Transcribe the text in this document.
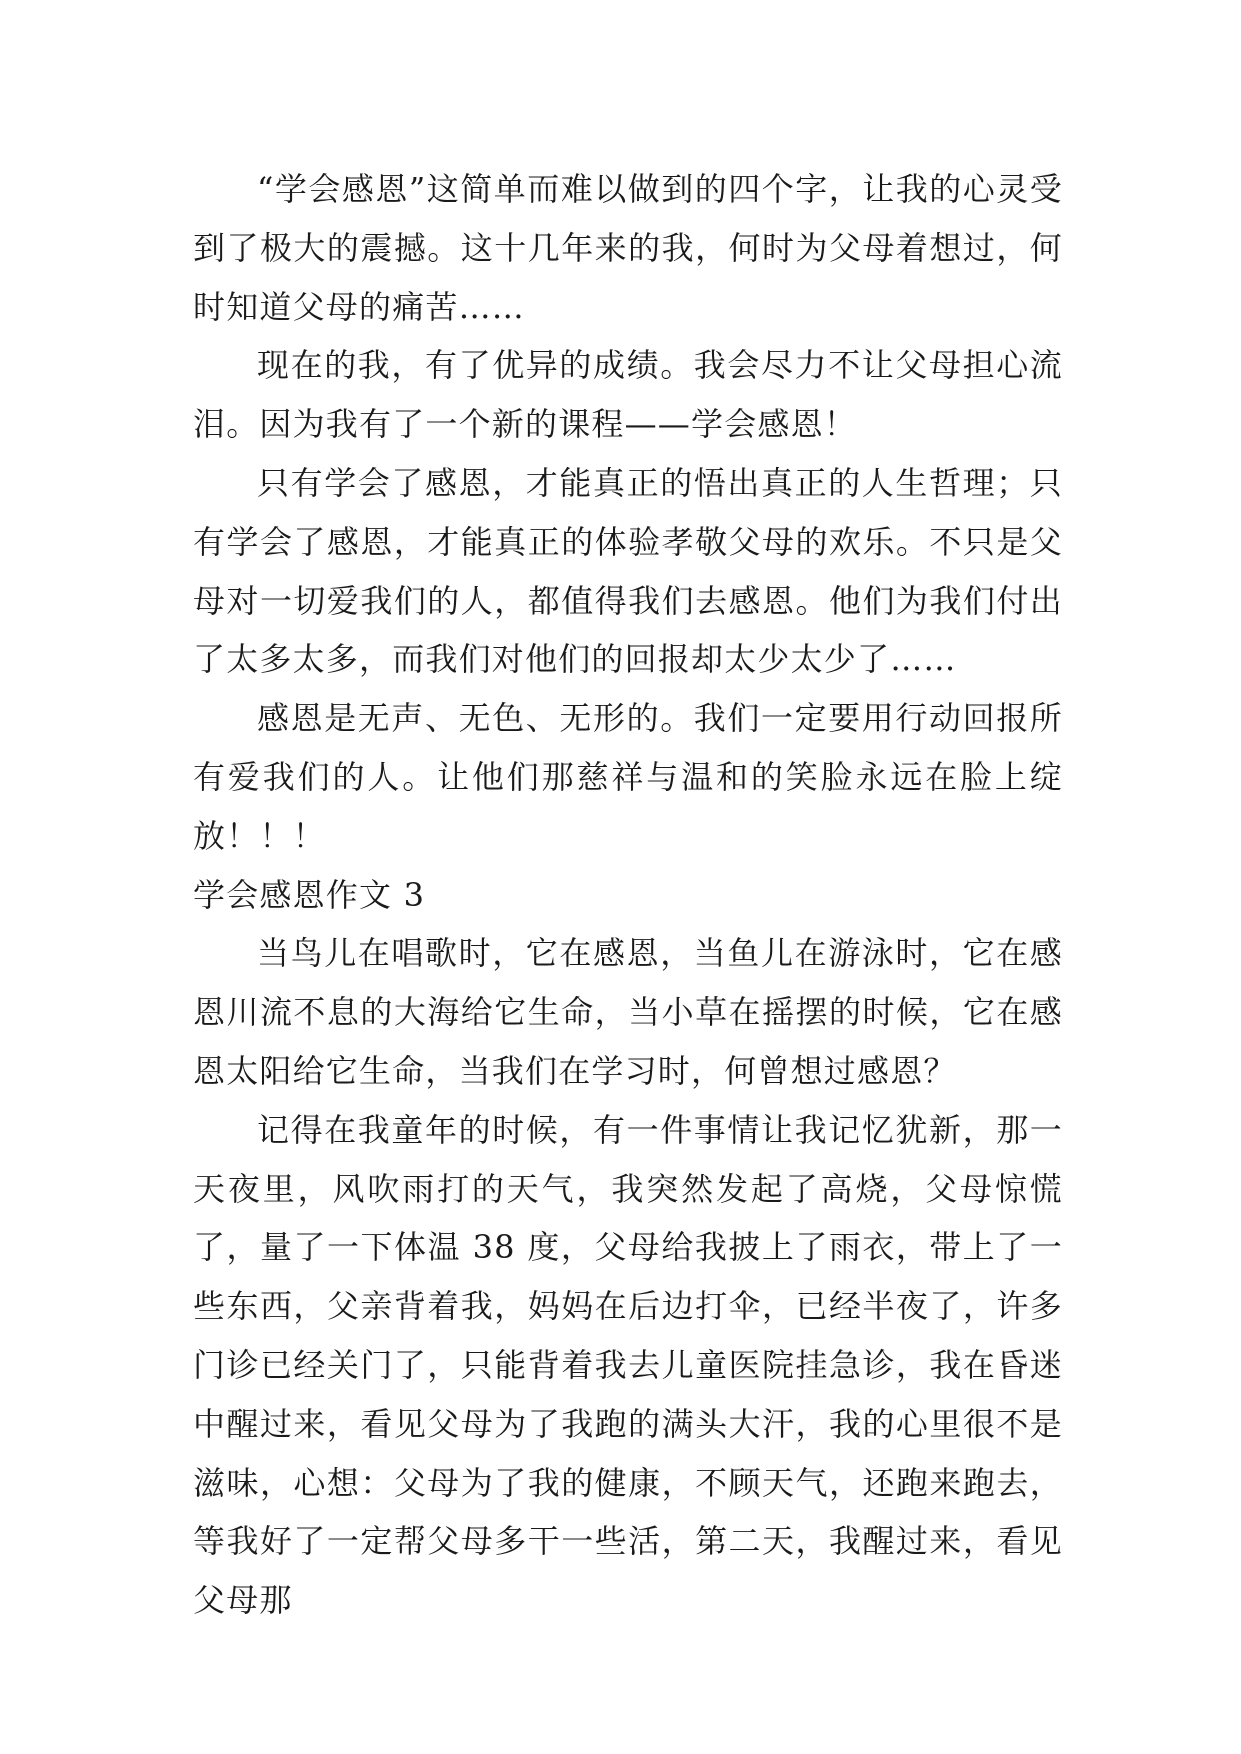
“学会感恩”这简单而难以做到的四个字，让我的心灵受到了极大的震撼。这十几年来的我，何时为父母着想过，何时知道父母的痛苦……

现在的我，有了优异的成绩。我会尽力不让父母担心流泪。因为我有了一个新的课程——学会感恩！

只有学会了感恩，才能真正的悟出真正的人生哲理；只有学会了感恩，才能真正的体验孝敬父母的欢乐。不只是父母对一切爱我们的人，都值得我们去感恩。他们为我们付出了太多太多，而我们对他们的回报却太少太少了……

感恩是无声、无色、无形的。我们一定要用行动回报所有爱我们的人。让他们那慈祥与温和的笑脸永远在脸上绽放！！！

学会感恩作文 3

当鸟儿在唱歌时，它在感恩，当鱼儿在游泳时，它在感恩川流不息的大海给它生命，当小草在摇摆的时候，它在感恩太阳给它生命，当我们在学习时，何曾想过感恩？

记得在我童年的时候，有一件事情让我记忆犹新，那一天夜里，风吹雨打的天气，我突然发起了高烧，父母惊慌了，量了一下体温 38 度，父母给我披上了雨衣，带上了一些东西，父亲背着我，妈妈在后边打伞，已经半夜了，许多门诊已经关门了，只能背着我去儿童医院挂急诊，我在昏迷中醒过来，看见父母为了我跑的满头大汗，我的心里很不是滋味，心想：父母为了我的健康，不顾天气，还跑来跑去，等我好了一定帮父母多干一些活，第二天，我醒过来，看见父母那
